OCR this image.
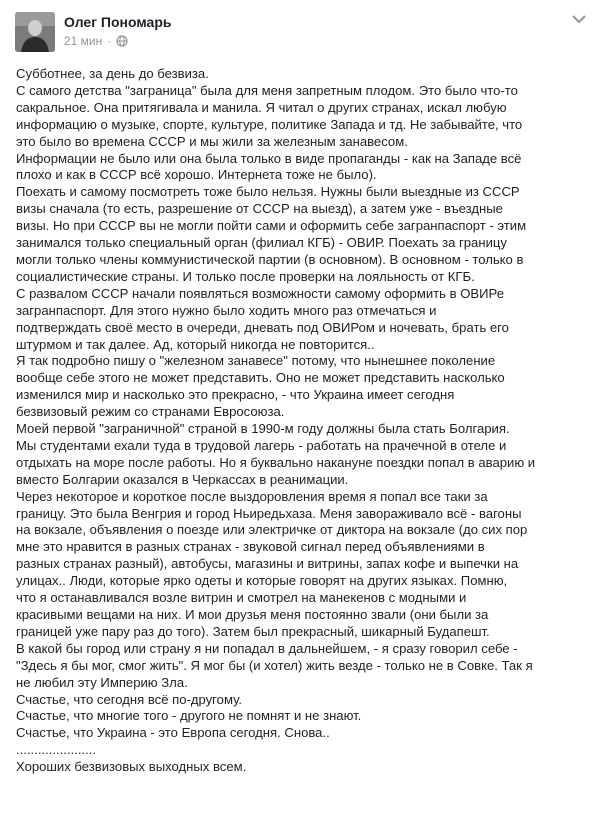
Олег Пономарь
21 мин ·

Субботнее, за день до безвиза.

С самого детства "заграница" была для меня запретным плодом. Это было что-то

сакральное. Она притягивала и манила. Я читал о других странах, искал любую

информацию о музыке, спорте, культуре, политике Запада и тд. Не забывайте, что

это было во времена СССР и мы жили за железным занавесом.

Информации не было или она была только в виде пропаганды - как на Западе всё

плохо и как в СССР всё хорошо. Интернета тоже не было).

Поехать и самому посмотреть тоже было нельзя. Нужны были выездные из СССР

визы сначала (то есть, разрешение от СССР на выезд), а затем уже - въездные

визы. Но при СССР вы не могли пойти сами и оформить себе загранпаспорт - этим

занимался только специальный орган (филиал КГБ) - ОВИР. Поехать за границу

могли только члены коммунистической партии (в основном). В основном - только в

социалистические страны. И только после проверки на лояльность от КГБ.

С развалом СССР начали появляться возможности самому оформить в ОВИРе

загранпаспорт. Для этого нужно было ходить много раз отмечаться и

подтверждать своё место в очереди, дневать под ОВИРом и ночевать, брать его

штурмом и так далее. Ад, который никогда не повторится..

Я так подробно пишу о "железном занавесе" потому, что нынешнее поколение

вообще себе этого не может представить. Оно не может представить насколько

изменился мир и насколько это прекрасно, - что Украина имеет сегодня

безвизовый режим со странами Евросоюза.

Моей первой "заграничной" страной в 1990-м году должны была стать Болгария.

Мы студентами ехали туда в трудовой лагерь - работать на прачечной в отеле и

отдыхать на море после работы. Но я буквально накануне поездки попал в аварию и

вместо Болгарии оказался в Черкассах в реанимации.

Через некоторое и короткое после выздоровления время я попал все таки за

границу. Это была Венгрия и город Ньиредьхаза. Меня завораживало всё - вагоны

на вокзале, объявления о поезде или электричке от диктора на вокзале (до сих пор

мне это нравится в разных странах - звуковой сигнал перед объявлениями в

разных странах разный), автобусы, магазины и витрины, запах кофе и выпечки на

улицах.. Люди, которые ярко одеты и которые говорят на других языках. Помню,

что я останавливался возле витрин и смотрел на манекенов с модными и

красивыми вещами на них. И мои друзья меня постоянно звали (они были за

границей уже пару раз до того). Затем был прекрасный, шикарный Будапешт.

В какой бы город или страну я ни попадал в дальнейшем, - я сразу говорил себе -

"Здесь я бы мог, смог жить". Я мог бы (и хотел) жить везде - только не в Совке. Так я

не любил эту Империю Зла.

Счастье, что сегодня всё по-другому.

Счастье, что многие того - другого не помнят и не знают.

Счастье, что Украина - это Европа сегодня. Снова..

......................

Хороших безвизовых выходных всем.
